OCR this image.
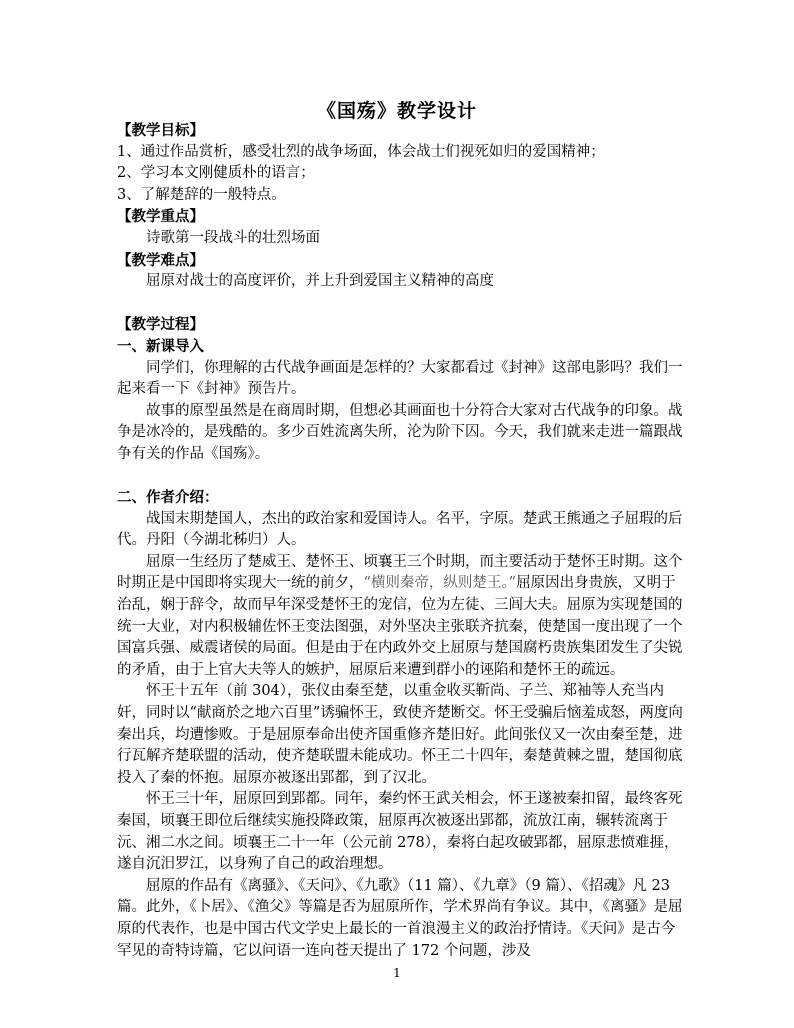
《国殇》教学设计

【教学目标】

1、通过作品赏析，感受壮烈的战争场面，体会战士们视死如归的爱国精神；

2、学习本文刚健质朴的语言；

3、了解楚辞的一般特点。

【教学重点】

诗歌第一段战斗的壮烈场面

【教学难点】

屈原对战士的高度评价，并上升到爱国主义精神的高度

【教学过程】

一、新课导入

同学们，你理解的古代战争画面是怎样的？大家都看过《封神》这部电影吗？我们一起来看一下《封神》预告片。

故事的原型虽然是在商周时期，但想必其画面也十分符合大家对古代战争的印象。战争是冰冷的，是残酷的。多少百姓流离失所，沦为阶下囚。今天，我们就来走进一篇跟战争有关的作品《国殇》。

二、作者介绍：

战国末期楚国人，杰出的政治家和爱国诗人。名平，字原。楚武王熊通之子屈瑕的后代。丹阳（今湖北秭归）人。

屈原一生经历了楚威王、楚怀王、顷襄王三个时期，而主要活动于楚怀王时期。这个时期正是中国即将实现大一统的前夕，“横则秦帝，纵则楚王。”屈原因出身贵族，又明于治乱，娴于辞令，故而早年深受楚怀王的宠信，位为左徒、三闾大夫。屈原为实现楚国的统一大业，对内积极辅佐怀王变法图强，对外坚决主张联齐抗秦，使楚国一度出现了一个国富兵强、威震诸侯的局面。但是由于在内政外交上屈原与楚国腐朽贵族集团发生了尖锐的矛盾，由于上官大夫等人的嫉护，屈原后来遭到群小的诬陷和楚怀王的疏远。

怀王十五年（前 304），张仪由秦至楚，以重金收买靳尚、子兰、郑袖等人充当内奸，同时以“献商於之地六百里”诱骗怀王，致使齐楚断交。怀王受骗后恼羞成怒，两度向秦出兵，均遭惨败。于是屈原奉命出使齐国重修齐楚旧好。此间张仪又一次由秦至楚，进行瓦解齐楚联盟的活动，使齐楚联盟未能成功。怀王二十四年，秦楚黄棘之盟，楚国彻底投入了秦的怀抱。屈原亦被逐出郢都，到了汉北。

怀王三十年，屈原回到郢都。同年，秦约怀王武关相会，怀王遂被秦扣留，最终客死秦国，顷襄王即位后继续实施投降政策，屈原再次被逐出郢都，流放江南，辗转流离于沅、湘二水之间。顷襄王二十一年（公元前 278），秦将白起攻破郢都，屈原悲愤难捱，遂自沉汨罗江，以身殉了自己的政治理想。

屈原的作品有《离骚》、《天问》、《九歌》（11 篇）、《九章》（9 篇）、《招魂》凡 23 篇。此外，《卜居》、《渔父》等篇是否为屈原所作，学术界尚有争议。其中，《离骚》是屈原的代表作，也是中国古代文学史上最长的一首浪漫主义的政治抒情诗。《天问》是古今罕见的奇特诗篇，它以问语一连向苍天提出了 172 个问题，涉及

1
